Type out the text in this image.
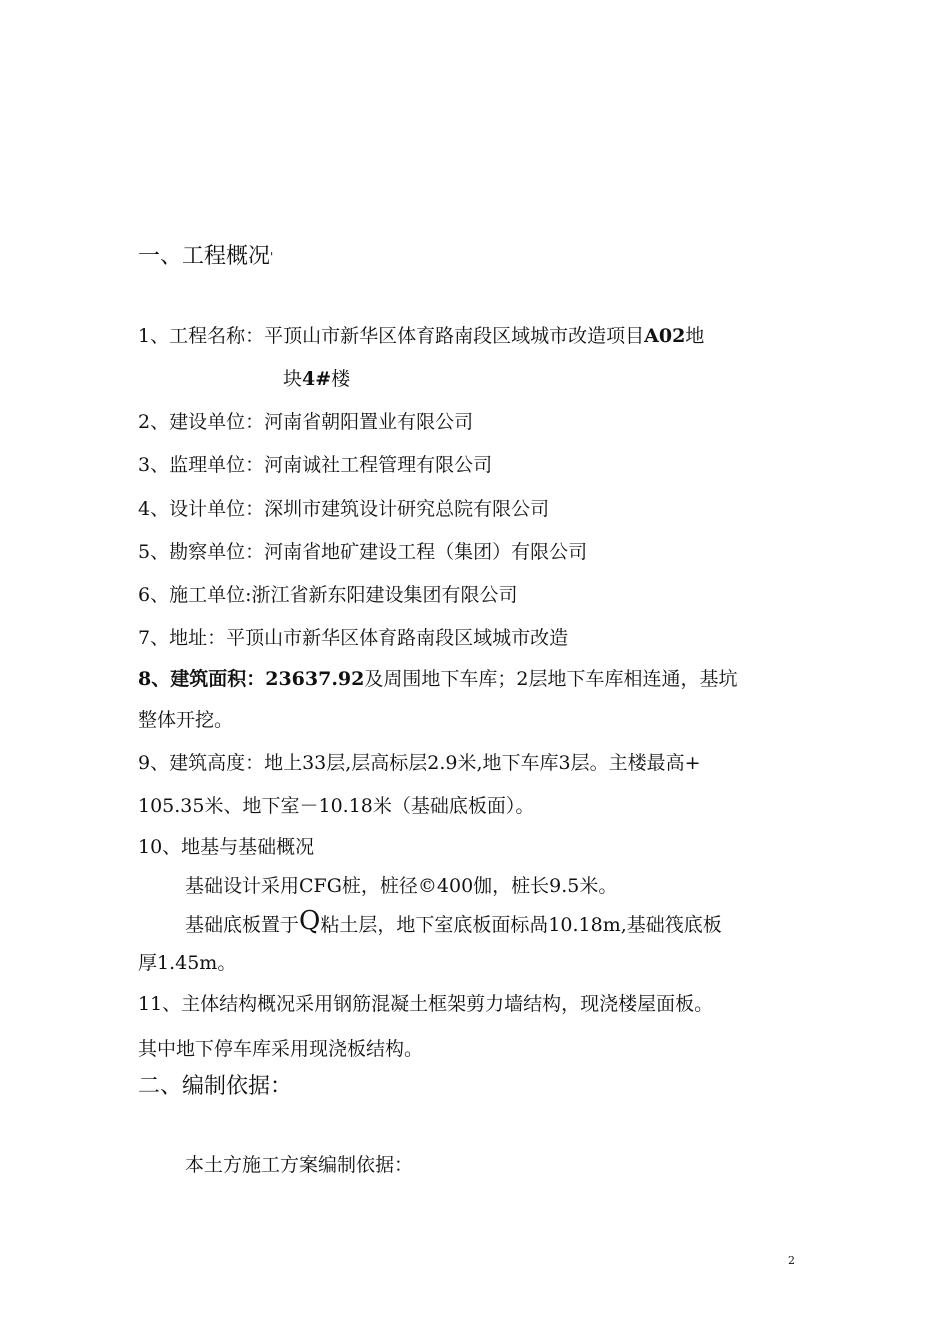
一、工程概况'
1、工程名称：平顶山市新华区体育路南段区域城市改造项目A02地
块4#楼
2、建设单位：河南省朝阳置业有限公司
3、监理单位：河南诚社工程管理有限公司
4、设计单位：深圳市建筑设计研究总院有限公司
5、勘察单位：河南省地矿建设工程（集团）有限公司
6、施工单位:浙江省新东阳建设集团有限公司
7、地址：平顶山市新华区体育路南段区域城市改造
8、建筑面积：23637.92及周围地下车库；2层地下车库相连通，基坑
整体开挖。
9、建筑高度：地上33层,层高标层2.9米,地下车库3层。主楼最高+
105.35米、地下室－10.18米（基础底板面）。
10、地基与基础概况
基础设计采用CFG桩，桩径©400伽，桩长9.5米。
基础底板置于Q粘土层，地下室底板面标咼10.18m,基础筏底板
厚1.45m。
11、主体结构概况采用钢筋混凝土框架剪力墙结构，现浇楼屋面板。
其中地下停车库采用现浇板结构。
二、编制依据：
本土方施工方案编制依据：
2
